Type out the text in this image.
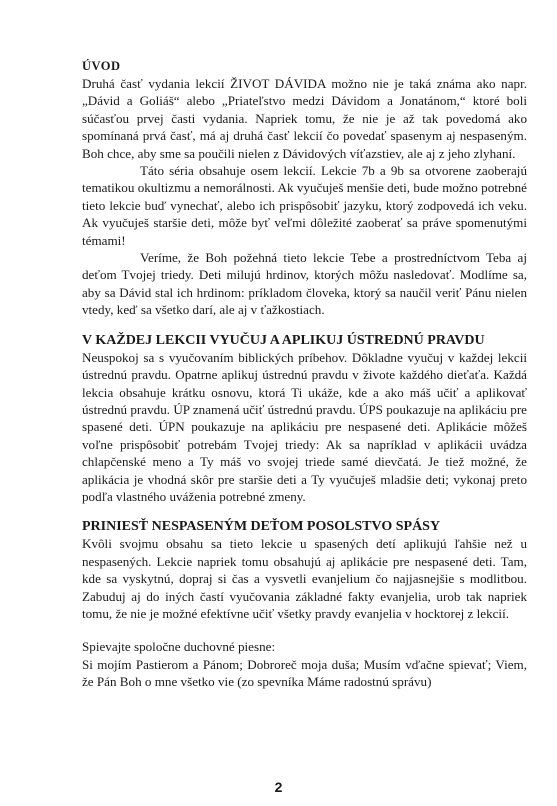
ÚVOD

Druhá časť vydania lekcií ŽIVOT DÁVIDA možno nie je taká známa ako napr. „Dávid a Goliáš“ alebo „Priateľstvo medzi Dávidom a Jonatánom,“ ktoré boli súčasťou prvej časti vydania. Napriek tomu, že nie je až tak povedomá ako spomínaná prvá časť, má aj druhá časť lekcií čo povedať spasenym aj nespaseným. Boh chce, aby sme sa poučili nielen z Dávidových víťazstiev, ale aj z jeho zlyhaní.

Táto séria obsahuje osem lekcií. Lekcie 7b a 9b sa otvorene zaoberajú tematikou okultizmu a nemorálnosti. Ak vyučuješ menšie deti, bude možno potrebné tieto lekcie buď vynechať, alebo ich prispôsobiť jazyku, ktorý zodpovedá ich veku. Ak vyučuješ staršie deti, môže byť veľmi dôležité zaoberať sa práve spomenutými témami!

Veríme, že Boh požehná tieto lekcie Tebe a prostredníctvom Teba aj deťom Tvojej triedy. Deti milujú hrdinov, ktorých môžu nasledovať. Modlíme sa, aby sa Dávid stal ich hrdinom: príkladom človeka, ktorý sa naučil veriť Pánu nielen vtedy, keď sa všetko darí, ale aj v ťažkostiach.

V KAŽDEJ LEKCII VYUČUJ A APLIKUJ ÚSTREDNÚ PRAVDU

Neuspokoj sa s vyučovaním biblických príbehov. Dôkladne vyučuj v každej lekcii ústrednú pravdu. Opatrne aplikuj ústrednú pravdu v živote každého dieťaťa. Každá lekcia obsahuje krátku osnovu, ktorá Ti ukáže, kde a ako máš učiť a aplikovať ústrednú pravdu. ÚP znamená učiť ústrednú pravdu. ÚPS poukazuje na aplikáciu pre spasené deti. ÚPN poukazuje na aplikáciu pre nespasené deti. Aplikácie môžeš voľne prispôsobiť potrebám Tvojej triedy: Ak sa napríklad v aplikácii uvádza chlapčenské meno a Ty máš vo svojej triede samé dievčatá. Je tiež možné, že aplikácia je vhodná skôr pre staršie deti a Ty vyučuješ mladšie deti; vykonaj preto podľa vlastného uváženia potrebné zmeny.

PRINIESŤ NESPASENÝM DEŤOM POSOLSTVO SPÁSY

Kvôli svojmu obsahu sa tieto lekcie u spasených detí aplikujú ľahšie než u nespasených. Lekcie napriek tomu obsahujú aj aplikácie pre nespasené deti. Tam, kde sa vyskytnú, dopraj si čas a vysvetli evanjelium čo najjasnejšie s modlitbou. Zabuduj aj do iných častí vyučovania základné fakty evanjelia, urob tak napriek tomu, že nie je možné efektívne učiť všetky pravdy evanjelia v hocktorej z lekcií.

Spievajte spoločne duchovné piesne:

Si mojím Pastierom a Pánom; Dobroreč moja duša; Musím vďačne spievať; Viem, že Pán Boh o mne všetko vie (zo spevníka Máme radostnú správu)

2
